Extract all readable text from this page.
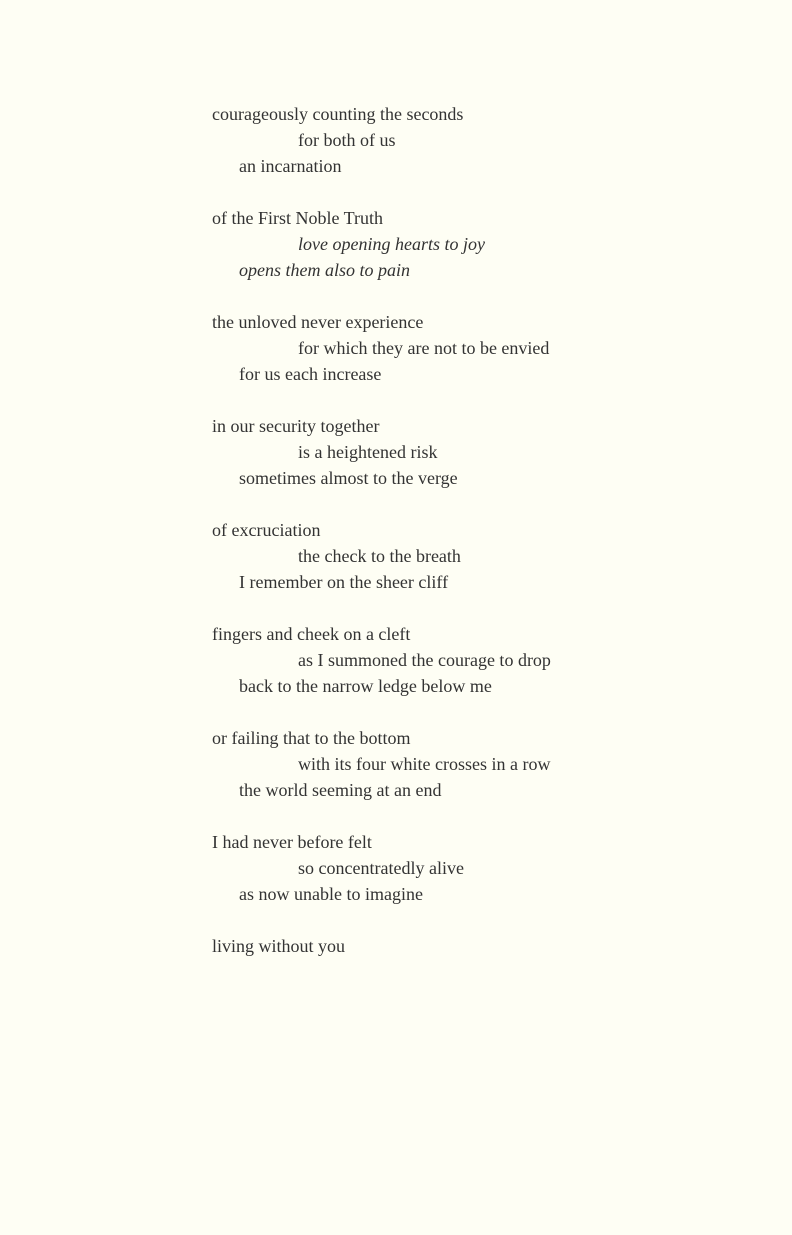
courageously counting the seconds
for both of us
an incarnation
of the First Noble Truth
love opening hearts to joy
opens them also to pain
the unloved never experience
for which they are not to be envied
for us each increase
in our security together
is a heightened risk
sometimes almost to the verge
of excruciation
the check to the breath
I remember on the sheer cliff
fingers and cheek on a cleft
as I summoned the courage to drop
back to the narrow ledge below me
or failing that to the bottom
with its four white crosses in a row
the world seeming at an end
I had never before felt
so concentratedly alive
as now unable to imagine
living without you
